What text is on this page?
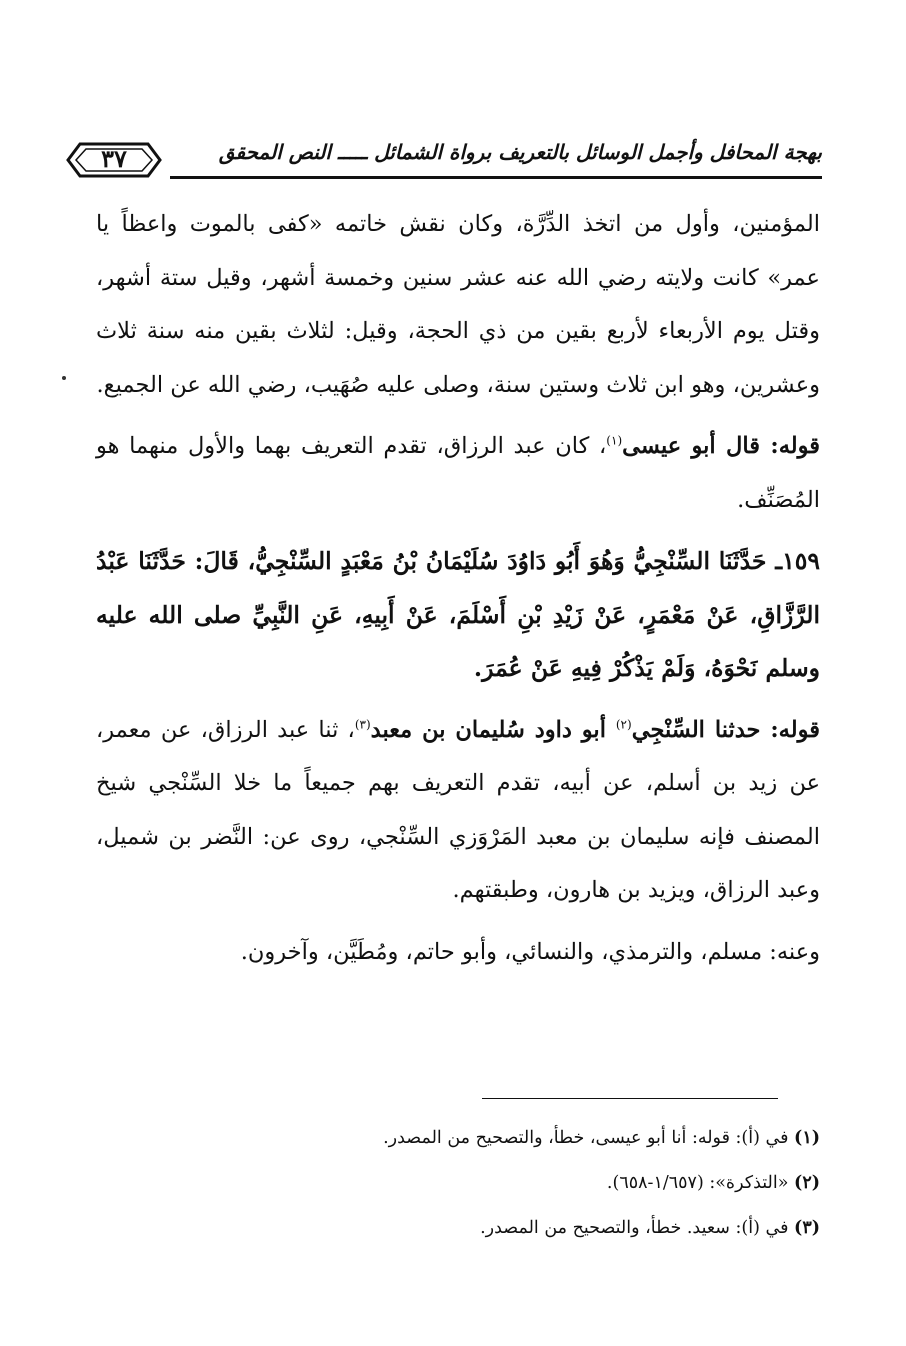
بهجة المحافل وأجمل الوسائل بالتعريف برواة الشمائل ـــــ النص المحقق
٣٧

المؤمنين، وأول من اتخذ الدِّرَّة، وكان نقش خاتمه «كفى بالموت واعظاً يا عمر» كانت ولايته رضي الله عنه عشر سنين وخمسة أشهر، وقيل ستة أشهر، وقتل يوم الأربعاء لأربع بقين من ذي الحجة، وقيل: لثلاث بقين منه سنة ثلاث وعشرين، وهو ابن ثلاث وستين سنة، وصلى عليه صُهَيب، رضي الله عن الجميع.

قوله: قال أبو عيسى$^{(١)}$، كان عبد الرزاق، تقدم التعريف بهما والأول منهما هو المُصَنِّف.

١٥٩ـ حَدَّثَنَا السِّنْجِيُّ وَهُوَ أَبُو دَاوُدَ سُلَيْمَانُ بْنُ مَعْبَدٍ السِّنْجِيُّ، قَالَ: حَدَّثَنَا عَبْدُ الرَّزَّاقِ، عَنْ مَعْمَرٍ، عَنْ زَيْدِ بْنِ أَسْلَمَ، عَنْ أَبِيهِ، عَنِ النَّبِيِّ صلى الله عليه وسلم نَحْوَهُ، وَلَمْ يَذْكُرْ فِيهِ عَنْ عُمَرَ.

قوله: حدثنا السِّنْجِي$^{(٢)}$ أبو داود سُليمان بن معبد$^{(٣)}$، ثنا عبد الرزاق، عن معمر، عن زيد بن أسلم، عن أبيه، تقدم التعريف بهم جميعاً ما خلا السِّنْجي شيخ المصنف فإنه سليمان بن معبد المَرْوَزي السِّنْجي، روى عن: النَّضر بن شميل، وعبد الرزاق، ويزيد بن هارون، وطبقتهم.

وعنه: مسلم، والترمذي، والنسائي، وأبو حاتم، ومُطَيَّن، وآخرون.

(١) في (أ): قوله: أنا أبو عيسى، خطأ، والتصحيح من المصدر.
(٢) «التذكرة»: (١/٦٥٧-٦٥٨).
(٣) في (أ): سعيد. خطأ، والتصحيح من المصدر.
